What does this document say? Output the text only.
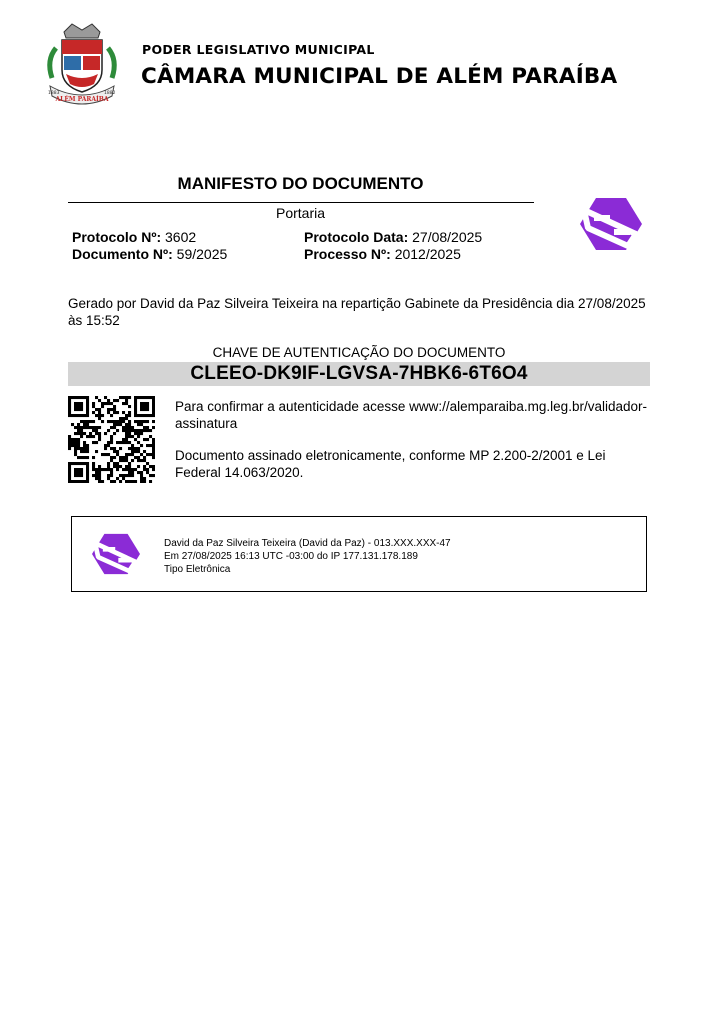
ALÉM PARAÍBA
1883	1882
PODER LEGISLATIVO MUNICIPAL
CÂMARA MUNICIPAL DE ALÉM PARAÍBA
MANIFESTO DO DOCUMENTO
Portaria
Protocolo Nº: 3602	Protocolo Data: 27/08/2025
Documento Nº: 59/2025	Processo Nº: 2012/2025
Gerado por David da Paz Silveira Teixeira na repartição Gabinete da Presidência dia 27/08/2025 às 15:52
CHAVE DE AUTENTICAÇÃO DO DOCUMENTO
CLEEO-DK9IF-LGVSA-7HBK6-6T6O4
Para confirmar a autenticidade acesse www://alemparaiba.mg.leg.br/validador-assinatura
Documento assinado eletronicamente, conforme MP 2.200-2/2001 e Lei Federal 14.063/2020.
David da Paz Silveira Teixeira (David da Paz) - 013.XXX.XXX-47
Em 27/08/2025 16:13 UTC -03:00 do IP 177.131.178.189
Tipo Eletrônica
